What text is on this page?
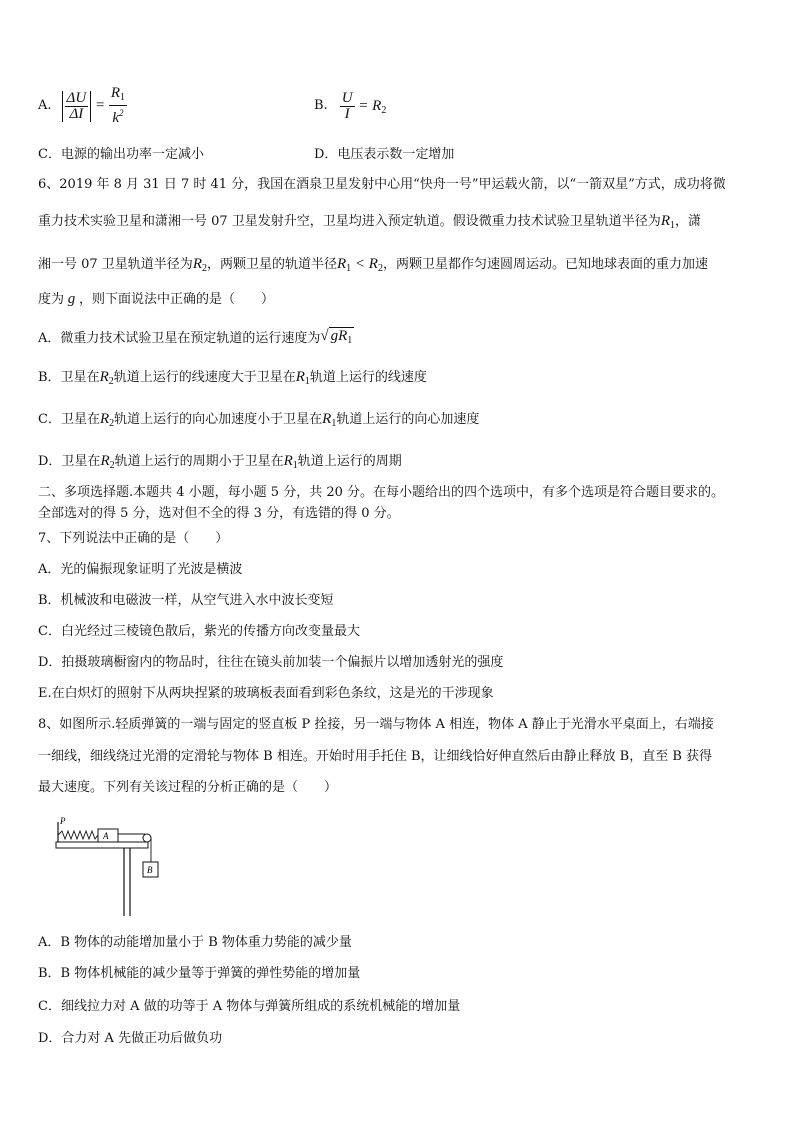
A. $\frac{\Delta U}{\Delta I} = \frac{R_1}{k^2}$	B. $\frac{U}{I} = R_2$
C．电源的输出功率一定减小	D．电压表示数一定增加
6、2019 年 8 月 31 日 7 时 41 分，我国在酒泉卫星发射中心用“快舟一号”甲运载火箭，以“一箭双星”方式，成功将微
重力技术实验卫星和潇湘一号 07 卫星发射升空，卫星均进入预定轨道。假设微重力技术试验卫星轨道半径为$R_1$，潇
湘一号 07 卫星轨道半径为$R_2$，两颗卫星的轨道半径$R_1 < R_2$，两颗卫星都作匀速圆周运动。已知地球表面的重力加速
度为 g ，则下面说法中正确的是（　　）
A．微重力技术试验卫星在预定轨道的运行速度为√ $gR_1$
B．卫星在$R_2$轨道上运行的线速度大于卫星在$R_1$轨道上运行的线速度
C．卫星在$R_2$轨道上运行的向心加速度小于卫星在$R_1$轨道上运行的向心加速度
D．卫星在$R_2$轨道上运行的周期小于卫星在$R_1$轨道上运行的周期
二、多项选择题.本题共 4 小题，每小题 5 分，共 20 分。在每小题给出的四个选项中，有多个选项是符合题目要求的。
全部选对的得 5 分，选对但不全的得 3 分，有选错的得 0 分。
7、下列说法中正确的是（　　）
A．光的偏振现象证明了光波是横波
B．机械波和电磁波一样，从空气进入水中波长变短
C．白光经过三棱镜色散后，紫光的传播方向改变量最大
D．拍摄玻璃橱窗内的物品时，往往在镜头前加装一个偏振片以增加透射光的强度
E.在白炽灯的照射下从两块捏紧的玻璃板表面看到彩色条纹，这是光的干涉现象
8、如图所示.轻质弹簧的一端与固定的竖直板 P 拴接，另一端与物体 A 相连，物体 A 静止于光滑水平桌面上，右端接
一细线，细线绕过光滑的定滑轮与物体 B 相连。开始时用手托住 B，让细线恰好伸直然后由静止释放 B，直至 B 获得
最大速度。下列有关该过程的分析正确的是（　　）
P
A
B
A．B 物体的动能增加量小于 B 物体重力势能的减少量
B．B 物体机械能的减少量等于弹簧的弹性势能的增加量
C．细线拉力对 A 做的功等于 A 物体与弹簧所组成的系统机械能的增加量
D．合力对 A 先做正功后做负功
